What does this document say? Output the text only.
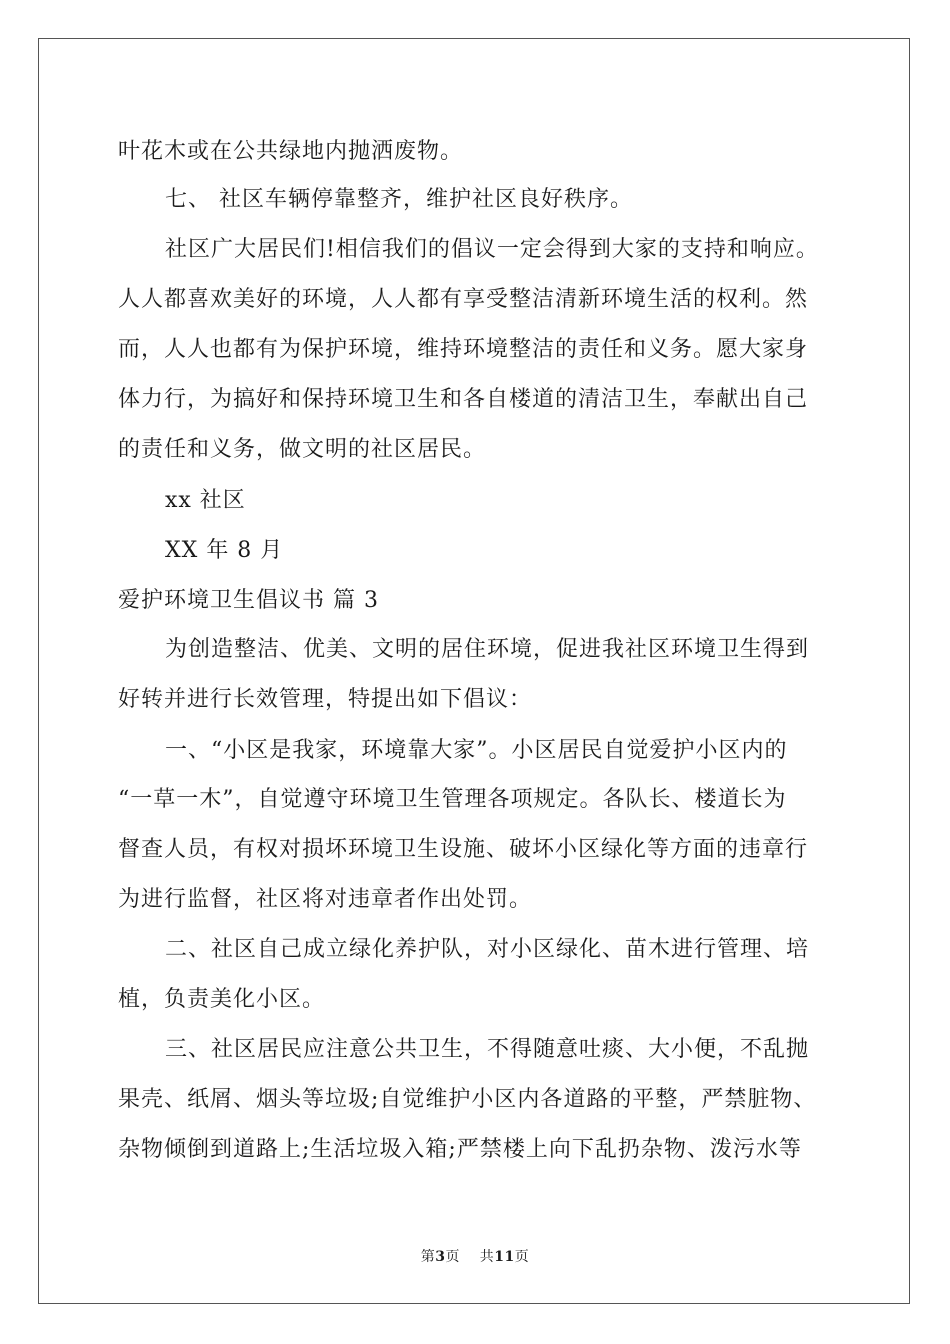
叶花木或在公共绿地内抛洒废物。
七、 社区车辆停靠整齐，维护社区良好秩序。
社区广大居民们!相信我们的倡议一定会得到大家的支持和响应。
人人都喜欢美好的环境，人人都有享受整洁清新环境生活的权利。然
而，人人也都有为保护环境，维持环境整洁的责任和义务。愿大家身
体力行，为搞好和保持环境卫生和各自楼道的清洁卫生，奉献出自己
的责任和义务，做文明的社区居民。
xx 社区
XX 年 8 月
爱护环境卫生倡议书 篇 3
为创造整洁、优美、文明的居住环境，促进我社区环境卫生得到
好转并进行长效管理，特提出如下倡议：
一、“小区是我家，环境靠大家”。小区居民自觉爱护小区内的
“一草一木”，自觉遵守环境卫生管理各项规定。各队长、楼道长为
督查人员，有权对损坏环境卫生设施、破坏小区绿化等方面的违章行
为进行监督，社区将对违章者作出处罚。
二、社区自己成立绿化养护队，对小区绿化、苗木进行管理、培
植，负责美化小区。
三、社区居民应注意公共卫生，不得随意吐痰、大小便，不乱抛
果壳、纸屑、烟头等垃圾;自觉维护小区内各道路的平整，严禁脏物、
杂物倾倒到道路上;生活垃圾入箱;严禁楼上向下乱扔杂物、泼污水等
第3页 共11页
